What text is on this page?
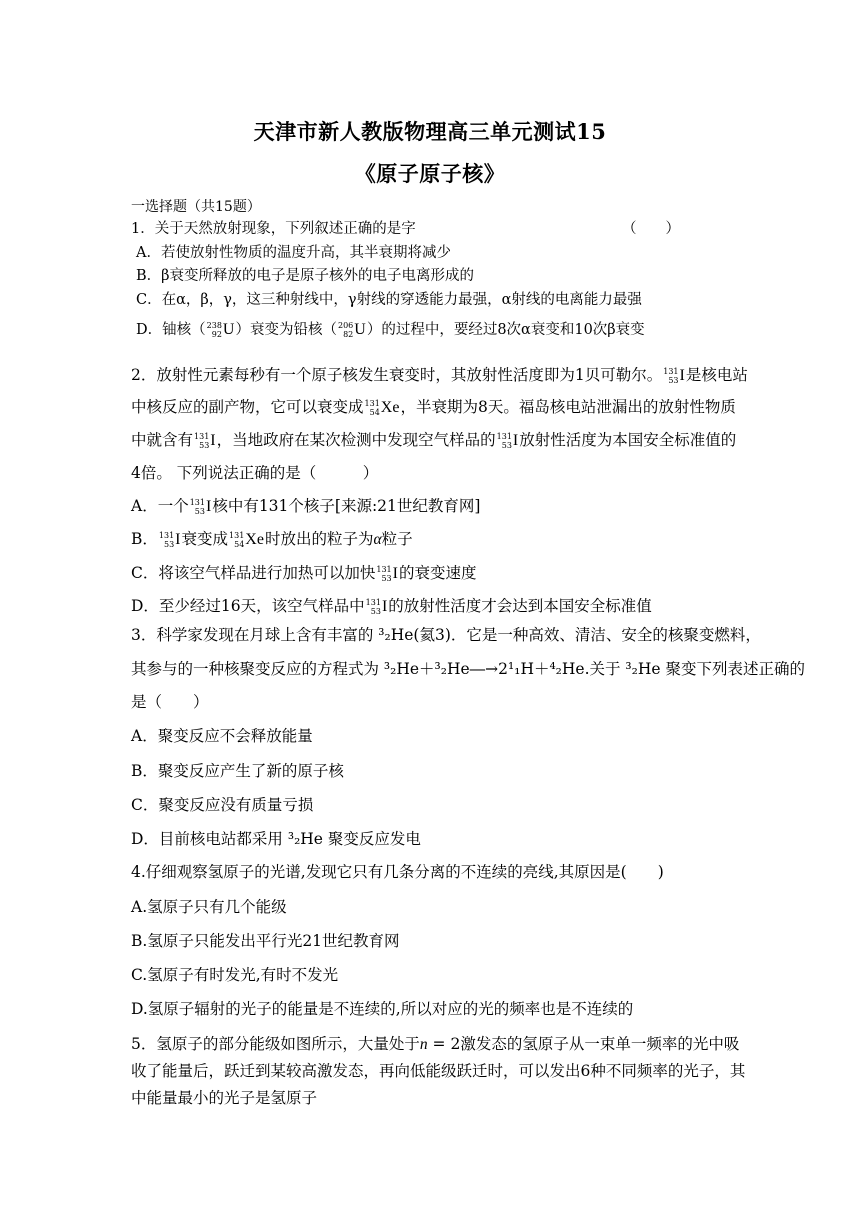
天津市新人教版物理高三单元测试15
《原子原子核》
一选择题（共15题）
1．关于天然放射现象，下列叙述正确的是字	（　　）
A．若使放射性物质的温度升高，其半衰期将减少
B．β衰变所释放的电子是原子核外的电子电离形成的
C．在α，β，γ，这三种射线中，γ射线的穿透能力最强，α射线的电离能力最强
D．铀核（ 238
92 U ）衰变为铅核（ 206
82 U ）的过程中，要经过8次α衰变和10次β衰变
2．放射性元素每秒有一个原子核发生衰变时，其放射性活度即为1贝可勒尔。 131
53 I 是核电站
中核反应的副产物，它可以衰变成 131
54 Xe ，半衰期为8天。福岛核电站泄漏出的放射性物质
中就含有 131
53 I ，当地政府在某次检测中发现空气样品的 131
53 I 放射性活度为本国安全标准值的
4倍。 下列说法正确的是（　　　）
A．一个 131
53 I 核中有131个核子[来源:21世纪教育网]
B． 131
53 I 衰变成 131
54 Xe 时放出的粒子为α粒子
C．将该空气样品进行加热可以加快 131
53 I 的衰变速度
D．至少经过16天，该空气样品中 131
53 I 的放射性活度才会达到本国安全标准值
3．科学家发现在月球上含有丰富的 ³₂He(氦3)．它是一种高效、清洁、安全的核聚变燃料，
其参与的一种核聚变反应的方程式为 ³₂He＋³₂He―→2¹₁H＋⁴₂He.关于 ³₂He 聚变下列表述正确的
是（　　）
A．聚变反应不会释放能量
B．聚变反应产生了新的原子核
C．聚变反应没有质量亏损
D．目前核电站都采用 ³₂He 聚变反应发电
4.仔细观察氢原子的光谱,发现它只有几条分离的不连续的亮线,其原因是(　　)
A.氢原子只有几个能级
B.氢原子只能发出平行光21世纪教育网
C.氢原子有时发光,有时不发光
D.氢原子辐射的光子的能量是不连续的,所以对应的光的频率也是不连续的
5．氢原子的部分能级如图所示，大量处于n = 2激发态的氢原子从一束单一频率的光中吸
收了能量后，跃迁到某较高激发态，再向低能级跃迁时，可以发出6种不同频率的光子，其
中能量最小的光子是氢原子
